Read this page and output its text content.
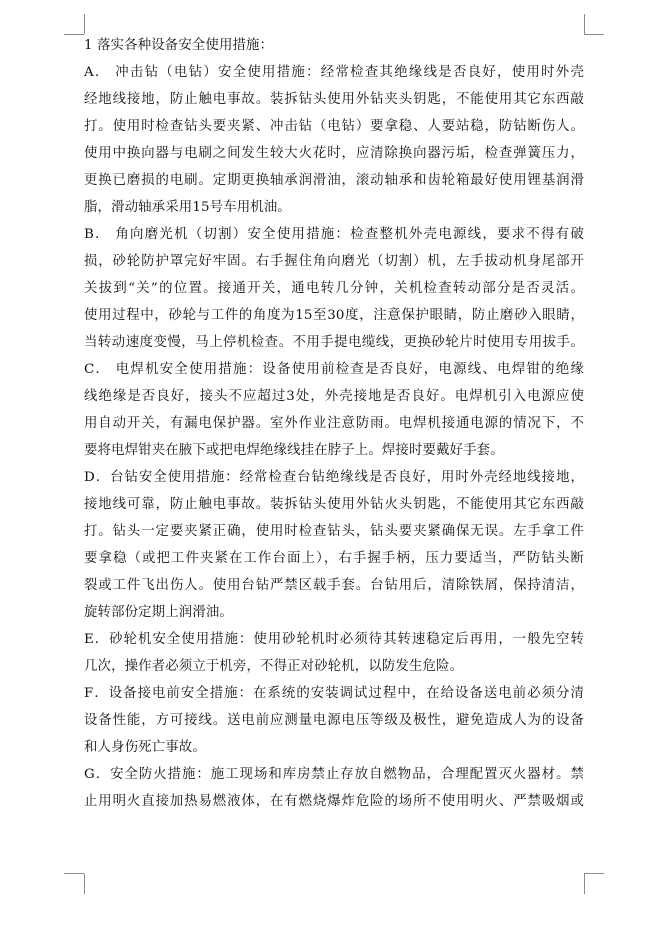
1 落实各种设备安全使用措施：
A． 冲击钻（电钻）安全使用措施：经常检查其绝缘线是否良好，使用时外壳
经地线接地，防止触电事故。装拆钻头使用外钻夹头钥匙，不能使用其它东西敲
打。使用时检查钻头要夹紧、冲击钻（电钻）要拿稳、人要站稳，防钻断伤人。
使用中换向器与电刷之间发生较大火花时，应清除换向器污垢，检查弹簧压力，
更换已磨损的电刷。定期更换轴承润滑油，滚动轴承和齿轮箱最好使用锂基润滑
脂，滑动轴承采用15号车用机油。
B． 角向磨光机（切割）安全使用措施：检查整机外壳电源线，要求不得有破
损，砂轮防护罩完好牢固。右手握住角向磨光（切割）机，左手拔动机身尾部开
关拔到“关”的位置。接通开关，通电转几分钟，关机检查转动部分是否灵活。
使用过程中，砂轮与工件的角度为15至30度，注意保护眼睛，防止磨砂入眼睛，
当转动速度变慢，马上停机检查。不用手提电缆线，更换砂轮片时使用专用拔手。
C． 电焊机安全使用措施：设备使用前检查是否良好，电源线、电焊钳的绝缘
线绝缘是否良好，接头不应超过3处，外壳接地是否良好。电焊机引入电源应使
用自动开关，有漏电保护器。室外作业注意防雨。电焊机接通电源的情况下，不
要将电焊钳夹在腋下或把电焊绝缘线挂在脖子上。焊接时要戴好手套。
D．台钻安全使用措施：经常检查台钻绝缘线是否良好，用时外壳经地线接地，
接地线可靠，防止触电事故。装拆钻头使用外钻火头钥匙，不能使用其它东西敲
打。钻头一定要夹紧正确，使用时检查钻头，钻头要夹紧确保无误。左手拿工件
要拿稳（或把工件夹紧在工作台面上），右手握手柄，压力要适当，严防钻头断
裂或工件飞出伤人。使用台钻严禁区载手套。台钻用后，清除铁屑，保持清洁，
旋转部份定期上润滑油。
E．砂轮机安全使用措施：使用砂轮机时必须待其转速稳定后再用，一般先空转
几次，操作者必须立于机旁，不得正对砂轮机，以防发生危险。
F．设备接电前安全措施：在系统的安装调试过程中，在给设备送电前必须分清
设备性能，方可接线。送电前应测量电源电压等级及极性，避免造成人为的设备
和人身伤死亡事故。
G．安全防火措施：施工现场和库房禁止存放自燃物品，合理配置灭火器材。禁
止用明火直接加热易燃液体，在有燃烧爆炸危险的场所不使用明火、严禁吸烟或
